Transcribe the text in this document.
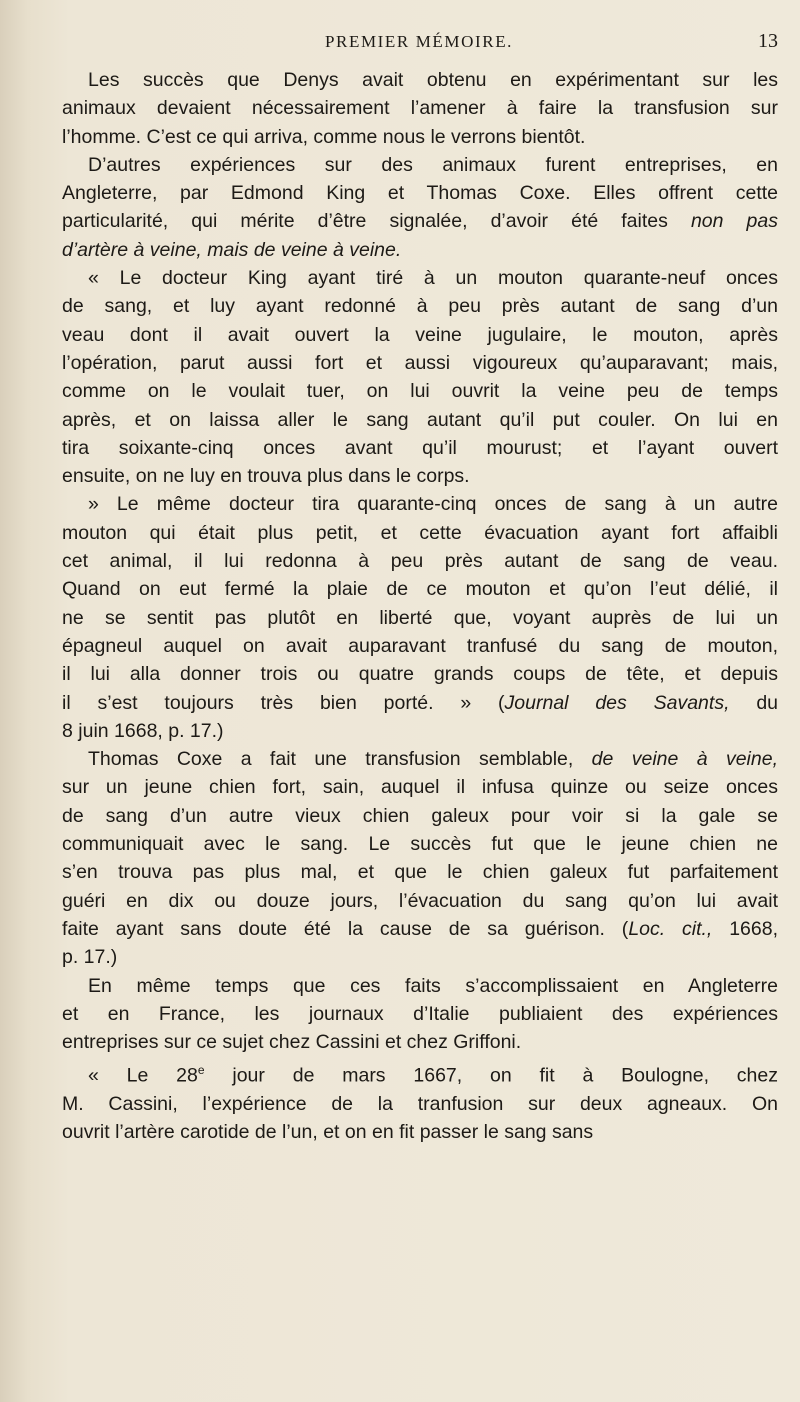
PREMIER MÉMOIRE.	13
Les succès que Denys avait obtenu en expérimentant sur les
animaux devaient nécessairement l’amener à faire la transfusion sur
l’homme. C’est ce qui arriva, comme nous le verrons bientôt.
D’autres expériences sur des animaux furent entreprises, en
Angleterre, par Edmond King et Thomas Coxe. Elles offrent cette
particularité, qui mérite d’être signalée, d’avoir été faites non pas
d’artère à veine, mais de veine à veine.
« Le docteur King ayant tiré à un mouton quarante-neuf onces
de sang, et luy ayant redonné à peu près autant de sang d’un
veau dont il avait ouvert la veine jugulaire, le mouton, après
l’opération, parut aussi fort et aussi vigoureux qu’auparavant; mais,
comme on le voulait tuer, on lui ouvrit la veine peu de temps
après, et on laissa aller le sang autant qu’il put couler. On lui en
tira soixante-cinq onces avant qu’il mourust; et l’ayant ouvert
ensuite, on ne luy en trouva plus dans le corps.
» Le même docteur tira quarante-cinq onces de sang à un autre
mouton qui était plus petit, et cette évacuation ayant fort affaibli
cet animal, il lui redonna à peu près autant de sang de veau.
Quand on eut fermé la plaie de ce mouton et qu’on l’eut délié, il
ne se sentit pas plutôt en liberté que, voyant auprès de lui un
épagneul auquel on avait auparavant tranfusé du sang de mouton,
il lui alla donner trois ou quatre grands coups de tête, et depuis
il s’est toujours très bien porté. » (Journal des Savants, du
8 juin 1668, p. 17.)
Thomas Coxe a fait une transfusion semblable, de veine à veine,
sur un jeune chien fort, sain, auquel il infusa quinze ou seize onces
de sang d’un autre vieux chien galeux pour voir si la gale se
communiquait avec le sang. Le succès fut que le jeune chien ne
s’en trouva pas plus mal, et que le chien galeux fut parfaitement
guéri en dix ou douze jours, l’évacuation du sang qu’on lui avait
faite ayant sans doute été la cause de sa guérison. (Loc. cit., 1668,
p. 17.)
En même temps que ces faits s’accomplissaient en Angleterre
et en France, les journaux d’Italie publiaient des expériences
entreprises sur ce sujet chez Cassini et chez Griffoni.
« Le 28e jour de mars 1667, on fit à Boulogne, chez
M. Cassini, l’expérience de la tranfusion sur deux agneaux. On
ouvrit l’artère carotide de l’un, et on en fit passer le sang sans
